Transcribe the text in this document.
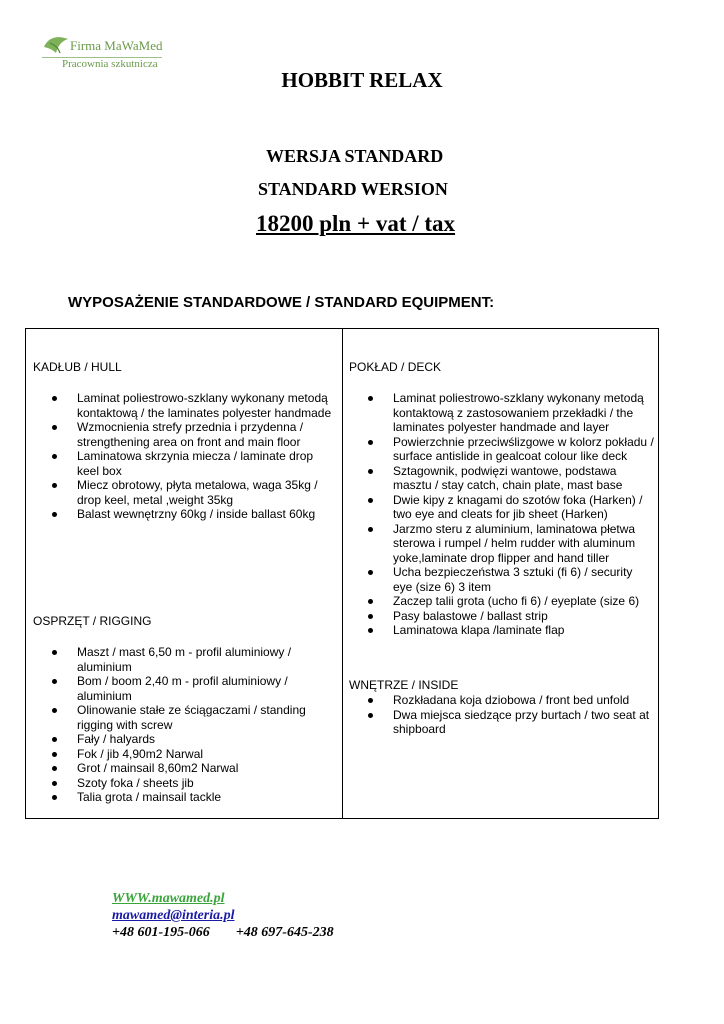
Firma MaWaMed
Pracownia szkutnicza
HOBBIT RELAX
WERSJA STANDARD
STANDARD WERSION
18200 pln + vat / tax
WYPOSAŻENIE STANDARDOWE / STANDARD EQUIPMENT:
KADŁUB / HULL
Laminat poliestrowo-szklany wykonany metodą kontaktową / the laminates polyester handmade
Wzmocnienia strefy przednia i przydenna / strengthening area on front and main floor
Laminatowa skrzynia miecza / laminate drop keel box
Miecz obrotowy, płyta metalowa, waga 35kg / drop keel, metal ,weight 35kg
Balast wewnętrzny 60kg / inside ballast 60kg
OSPRZĘT / RIGGING
Maszt / mast 6,50 m - profil aluminiowy / aluminium
Bom / boom 2,40 m - profil aluminiowy / aluminium
Olinowanie stałe ze ściągaczami / standing rigging with screw
Fały / halyards
Fok / jib 4,90m2 Narwal
Grot / mainsail 8,60m2 Narwal
Szoty foka / sheets jib
Talia grota / mainsail tackle
POKŁAD / DECK
Laminat poliestrowo-szklany wykonany metodą kontaktową z zastosowaniem przekładki / the laminates polyester handmade and layer
Powierzchnie przeciwślizgowe w kolorz pokładu / surface antislide in gealcoat colour like deck
Sztagownik, podwięzi wantowe, podstawa masztu / stay catch, chain plate, mast base
Dwie kipy z knagami do szotów foka (Harken) / two eye and cleats for jib sheet (Harken)
Jarzmo steru z aluminium, laminatowa płetwa sterowa i rumpel / helm rudder with aluminum yoke,laminate drop flipper and hand tiller
Ucha bezpieczeństwa 3 sztuki (fi 6) / security eye (size 6) 3 item
Zaczep talii grota (ucho fi 6) / eyeplate (size 6)
Pasy balastowe / ballast strip
Laminatowa klapa /laminate flap
WNĘTRZE / INSIDE
Rozkładana koja dziobowa / front bed unfold
Dwa miejsca siedzące przy burtach / two seat at shipboard
WWW.mawamed.pl
mawamed@interia.pl
+48 601-195-066 +48 697-645-238
